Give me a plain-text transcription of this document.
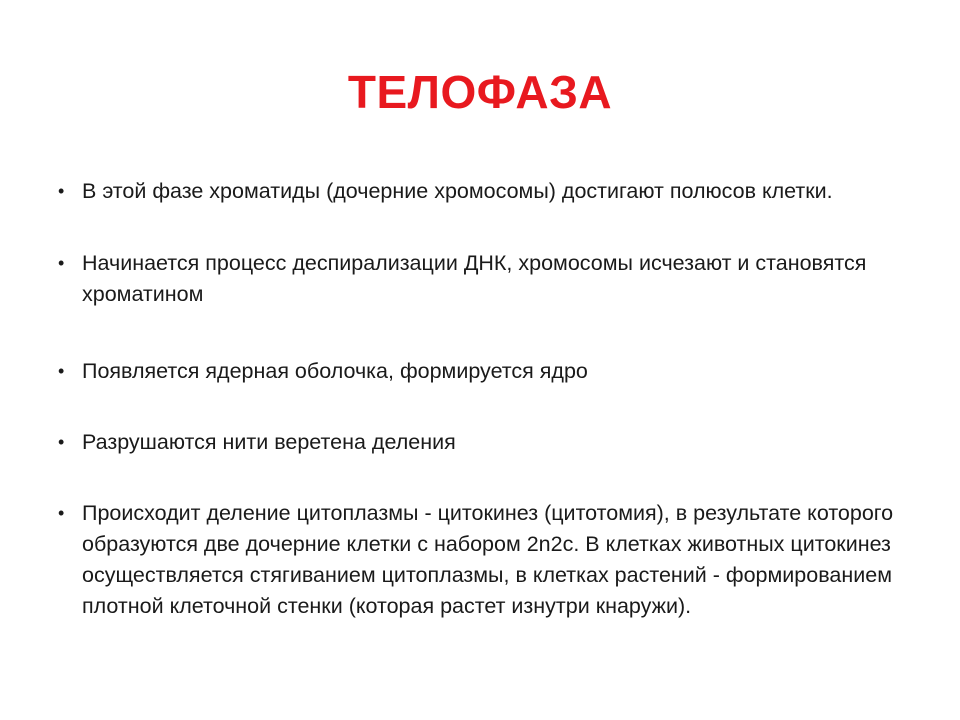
ТЕЛОФАЗА
• В этой фазе хроматиды (дочерние хромосомы) достигают полюсов клетки.
• Начинается процесс деспирализации ДНК, хромосомы исчезают и становятся хроматином
• Появляется ядерная оболочка, формируется ядро
• Разрушаются нити веретена деления
• Происходит деление цитоплазмы - цитокинез (цитотомия), в результате которого образуются две дочерние клетки с набором 2n2c. В клетках животных цитокинез осуществляется стягиванием цитоплазмы, в клетках растений - формированием плотной клеточной стенки (которая растет изнутри кнаружи).
